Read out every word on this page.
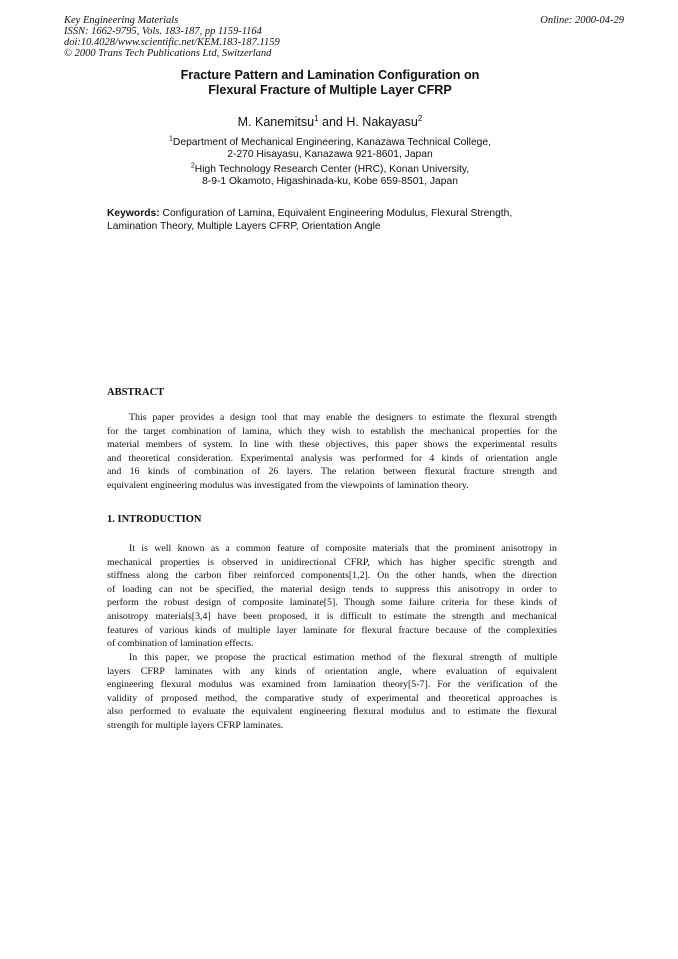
Key Engineering Materials
ISSN: 1662-9795, Vols. 183-187, pp 1159-1164
doi:10.4028/www.scientific.net/KEM.183-187.1159
© 2000 Trans Tech Publications Ltd, Switzerland
Online: 2000-04-29
Fracture Pattern and Lamination Configuration on
Flexural Fracture of Multiple Layer CFRP
M. Kanemitsu$^1$ and H. Nakayasu$^2$
$^1$Department of Mechanical Engineering, Kanazawa Technical College,
2-270 Hisayasu, Kanazawa 921-8601, Japan
$^2$High Technology Research Center (HRC), Konan University,
8-9-1 Okamoto, Higashinada-ku, Kobe 659-8501, Japan
Keywords: Configuration of Lamina, Equivalent Engineering Modulus, Flexural Strength,
Lamination Theory, Multiple Layers CFRP, Orientation Angle
ABSTRACT
This paper provides a design tool that may enable the designers to estimate the flexural strength
for the target combination of lamina, which they wish to establish the mechanical properties for the
material members of system. In line with these objectives, this paper shows the experimental results
and theoretical consideration. Experimental analysis was performed for 4 kinds of orientation angle
and 16 kinds of combination of 26 layers. The relation between flexural fracture strength and
equivalent engineering modulus was investigated from the viewpoints of lamination theory.
1. INTRODUCTION
It is well known as a common feature of composite materials that the prominent anisotropy in
mechanical properties is observed in unidirectional CFRP, which has higher specific strength and
stiffness along the carbon fiber reinforced components[1,2]. On the other hands, when the direction
of loading can not be specified, the material design tends to suppress this anisotropy in order to
perform the robust design of composite laminate[5]. Though some failure criteria for these kinds of
anisotropy materials[3,4] have been proposed, it is difficult to estimate the strength and mechanical
features of various kinds of multiple layer laminate for flexural fracture because of the complexities
of combination of lamination effects.
In this paper, we propose the practical estimation method of the flexural strength of multiple
layers CFRP laminates with any kinds of orientation angle, where evaluation of equivalent
engineering flexural modulus was examined from lamination theory[5-7]. For the verification of the
validity of proposed method, the comparative study of experimental and theoretical approaches is
also performed to evaluate the equivalent engineering flexural modulus and to estimate the flexural
strength for multiple layers CFRP laminates.
